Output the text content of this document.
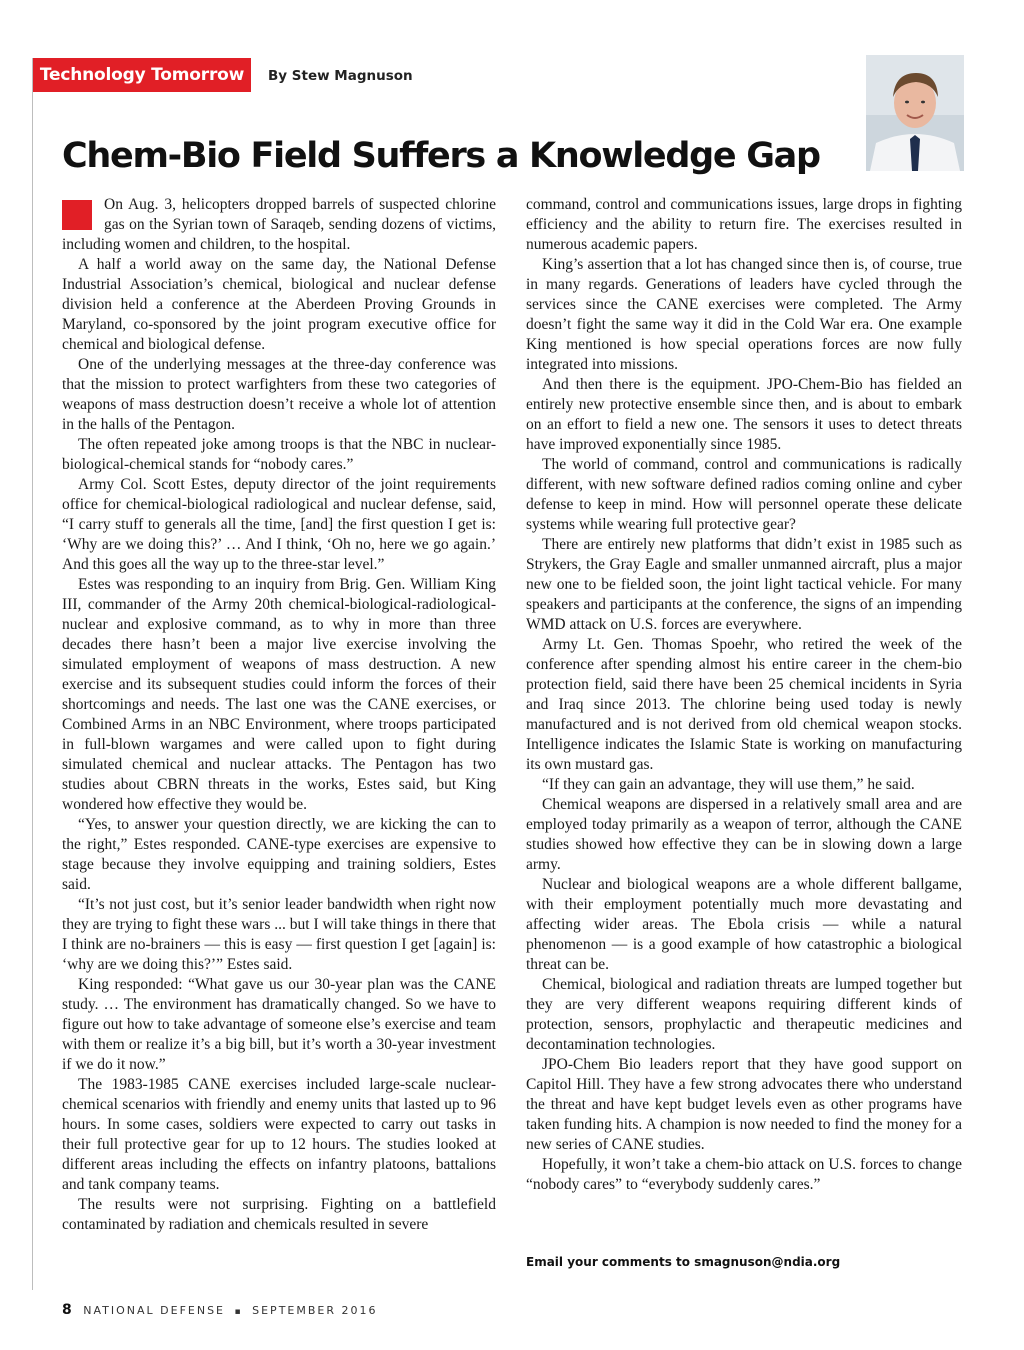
Technology Tomorrow	By Stew Magnuson
Chem-Bio Field Suffers a Knowledge Gap

On Aug. 3, helicopters dropped barrels of suspected chlorine gas on the Syrian town of Saraqeb, sending dozens of victims, including women and children, to the hospital.

A half a world away on the same day, the National Defense Industrial Association’s chemical, biological and nuclear defense division held a conference at the Aberdeen Proving Grounds in Maryland, co-sponsored by the joint program executive office for chemical and biological defense.

One of the underlying messages at the three-day conference was that the mission to protect warfighters from these two categories of weapons of mass destruction doesn’t receive a whole lot of attention in the halls of the Pentagon.

The often repeated joke among troops is that the NBC in nuclear-biological-chemical stands for “nobody cares.”

Army Col. Scott Estes, deputy director of the joint requirements office for chemical-biological radiological and nuclear defense, said, “I carry stuff to generals all the time, [and] the first question I get is: ‘Why are we doing this?’ … And I think, ‘Oh no, here we go again.’ And this goes all the way up to the three-star level.”

Estes was responding to an inquiry from Brig. Gen. William King III, commander of the Army 20th chemical-biological-radiological-nuclear and explosive command, as to why in more than three decades there hasn’t been a major live exercise involving the simulated employment of weapons of mass destruction. A new exercise and its subsequent studies could inform the forces of their shortcomings and needs. The last one was the CANE exercises, or Combined Arms in an NBC Environment, where troops participated in full-blown wargames and were called upon to fight during simulated chemical and nuclear attacks. The Pentagon has two studies about CBRN threats in the works, Estes said, but King wondered how effective they would be.

“Yes, to answer your question directly, we are kicking the can to the right,” Estes responded. CANE-type exercises are expensive to stage because they involve equipping and training soldiers, Estes said.

“It’s not just cost, but it’s senior leader bandwidth when right now they are trying to fight these wars ... but I will take things in there that I think are no-brainers — this is easy — first question I get [again] is: ‘why are we doing this?’” Estes said.

King responded: “What gave us our 30-year plan was the CANE study. … The environment has dramatically changed. So we have to figure out how to take advantage of someone else’s exercise and team with them or realize it’s a big bill, but it’s worth a 30-year investment if we do it now.”

The 1983-1985 CANE exercises included large-scale nuclear-chemical scenarios with friendly and enemy units that lasted up to 96 hours. In some cases, soldiers were expected to carry out tasks in their full protective gear for up to 12 hours. The studies looked at different areas including the effects on infantry platoons, battalions and tank company teams.

The results were not surprising. Fighting on a battlefield contaminated by radiation and chemicals resulted in severe

command, control and communications issues, large drops in fighting efficiency and the ability to return fire. The exercises resulted in numerous academic papers.

King’s assertion that a lot has changed since then is, of course, true in many regards. Generations of leaders have cycled through the services since the CANE exercises were completed. The Army doesn’t fight the same way it did in the Cold War era. One example King mentioned is how special operations forces are now fully integrated into missions.

And then there is the equipment. JPO-Chem-Bio has fielded an entirely new protective ensemble since then, and is about to embark on an effort to field a new one. The sensors it uses to detect threats have improved exponentially since 1985.

The world of command, control and communications is radically different, with new software defined radios coming online and cyber defense to keep in mind. How will personnel operate these delicate systems while wearing full protective gear?

There are entirely new platforms that didn’t exist in 1985 such as Strykers, the Gray Eagle and smaller unmanned aircraft, plus a major new one to be fielded soon, the joint light tactical vehicle. For many speakers and participants at the conference, the signs of an impending WMD attack on U.S. forces are everywhere.

Army Lt. Gen. Thomas Spoehr, who retired the week of the conference after spending almost his entire career in the chem-bio protection field, said there have been 25 chemical incidents in Syria and Iraq since 2013. The chlorine being used today is newly manufactured and is not derived from old chemical weapon stocks. Intelligence indicates the Islamic State is working on manufacturing its own mustard gas.

“If they can gain an advantage, they will use them,” he said.

Chemical weapons are dispersed in a relatively small area and are employed today primarily as a weapon of terror, although the CANE studies showed how effective they can be in slowing down a large army.

Nuclear and biological weapons are a whole different ballgame, with their employment potentially much more devastating and affecting wider areas. The Ebola crisis — while a natural phenomenon — is a good example of how catastrophic a biological threat can be.

Chemical, biological and radiation threats are lumped together but they are very different weapons requiring different kinds of protection, sensors, prophylactic and therapeutic medicines and decontamination technologies.

JPO-Chem Bio leaders report that they have good support on Capitol Hill. They have a few strong advocates there who understand the threat and have kept budget levels even as other programs have taken funding hits. A champion is now needed to find the money for a new series of CANE studies.

Hopefully, it won’t take a chem-bio attack on U.S. forces to change “nobody cares” to “everybody suddenly cares.”

Email your comments to smagnuson@ndia.org
8 NATIONAL DEFENSE ▪ SEPTEMBER 2016
